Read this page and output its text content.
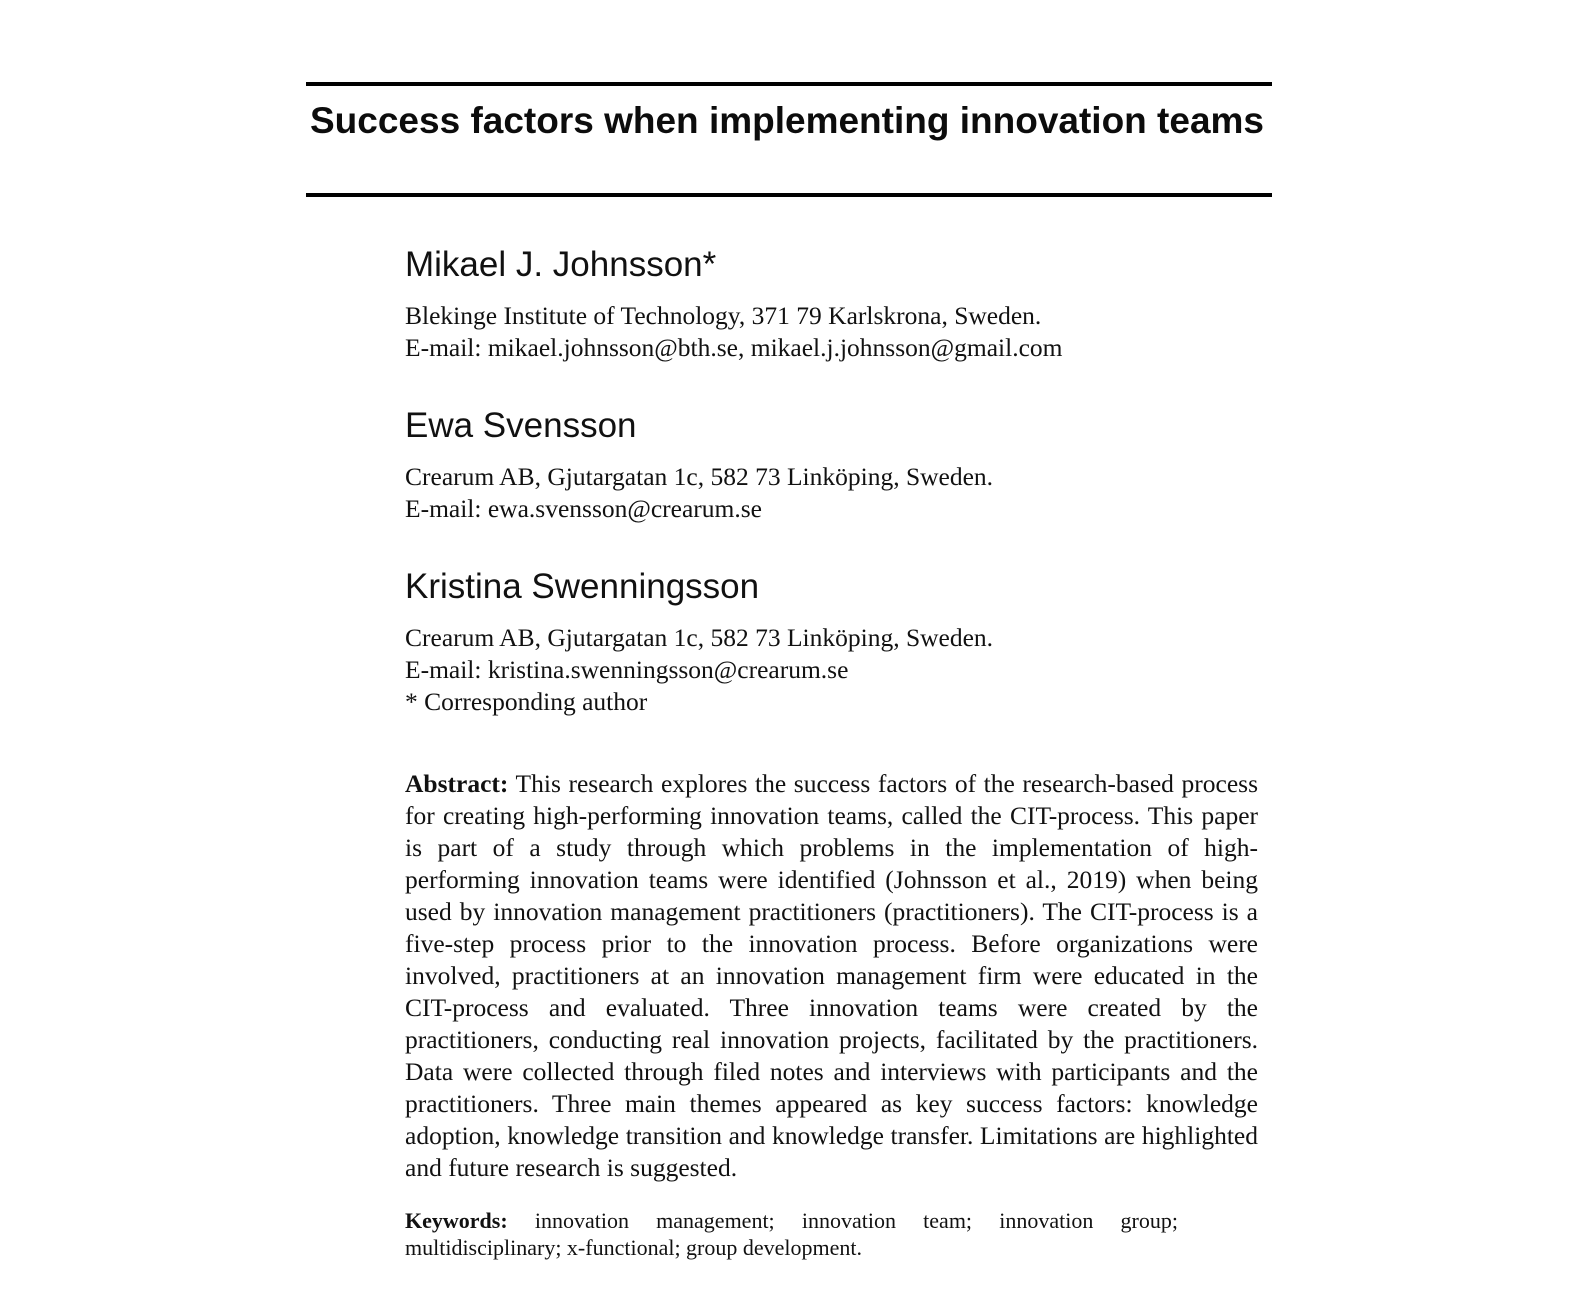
Success factors when implementing innovation teams

Mikael J. Johnsson*

Blekinge Institute of Technology, 371 79 Karlskrona, Sweden.

E-mail: mikael.johnsson@bth.se, mikael.j.johnsson@gmail.com

Ewa Svensson

Crearum AB, Gjutargatan 1c, 582 73 Linköping, Sweden.

E-mail: ewa.svensson@crearum.se

Kristina Swenningsson

Crearum AB, Gjutargatan 1c, 582 73 Linköping, Sweden.

E-mail: kristina.swenningsson@crearum.se

* Corresponding author

Abstract: This research explores the success factors of the research-based process for creating high-performing innovation teams, called the CIT-process. This paper is part of a study through which problems in the implementation of high-performing innovation teams were identified (Johnsson et al., 2019) when being used by innovation management practitioners (practitioners). The CIT-process is a five-step process prior to the innovation process. Before organizations were involved, practitioners at an innovation management firm were educated in the CIT-process and evaluated. Three innovation teams were created by the practitioners, conducting real innovation projects, facilitated by the practitioners. Data were collected through filed notes and interviews with participants and the practitioners. Three main themes appeared as key success factors: knowledge adoption, knowledge transition and knowledge transfer. Limitations are highlighted and future research is suggested.

Keywords: innovation management; innovation team; innovation group; multidisciplinary; x-functional; group development.
